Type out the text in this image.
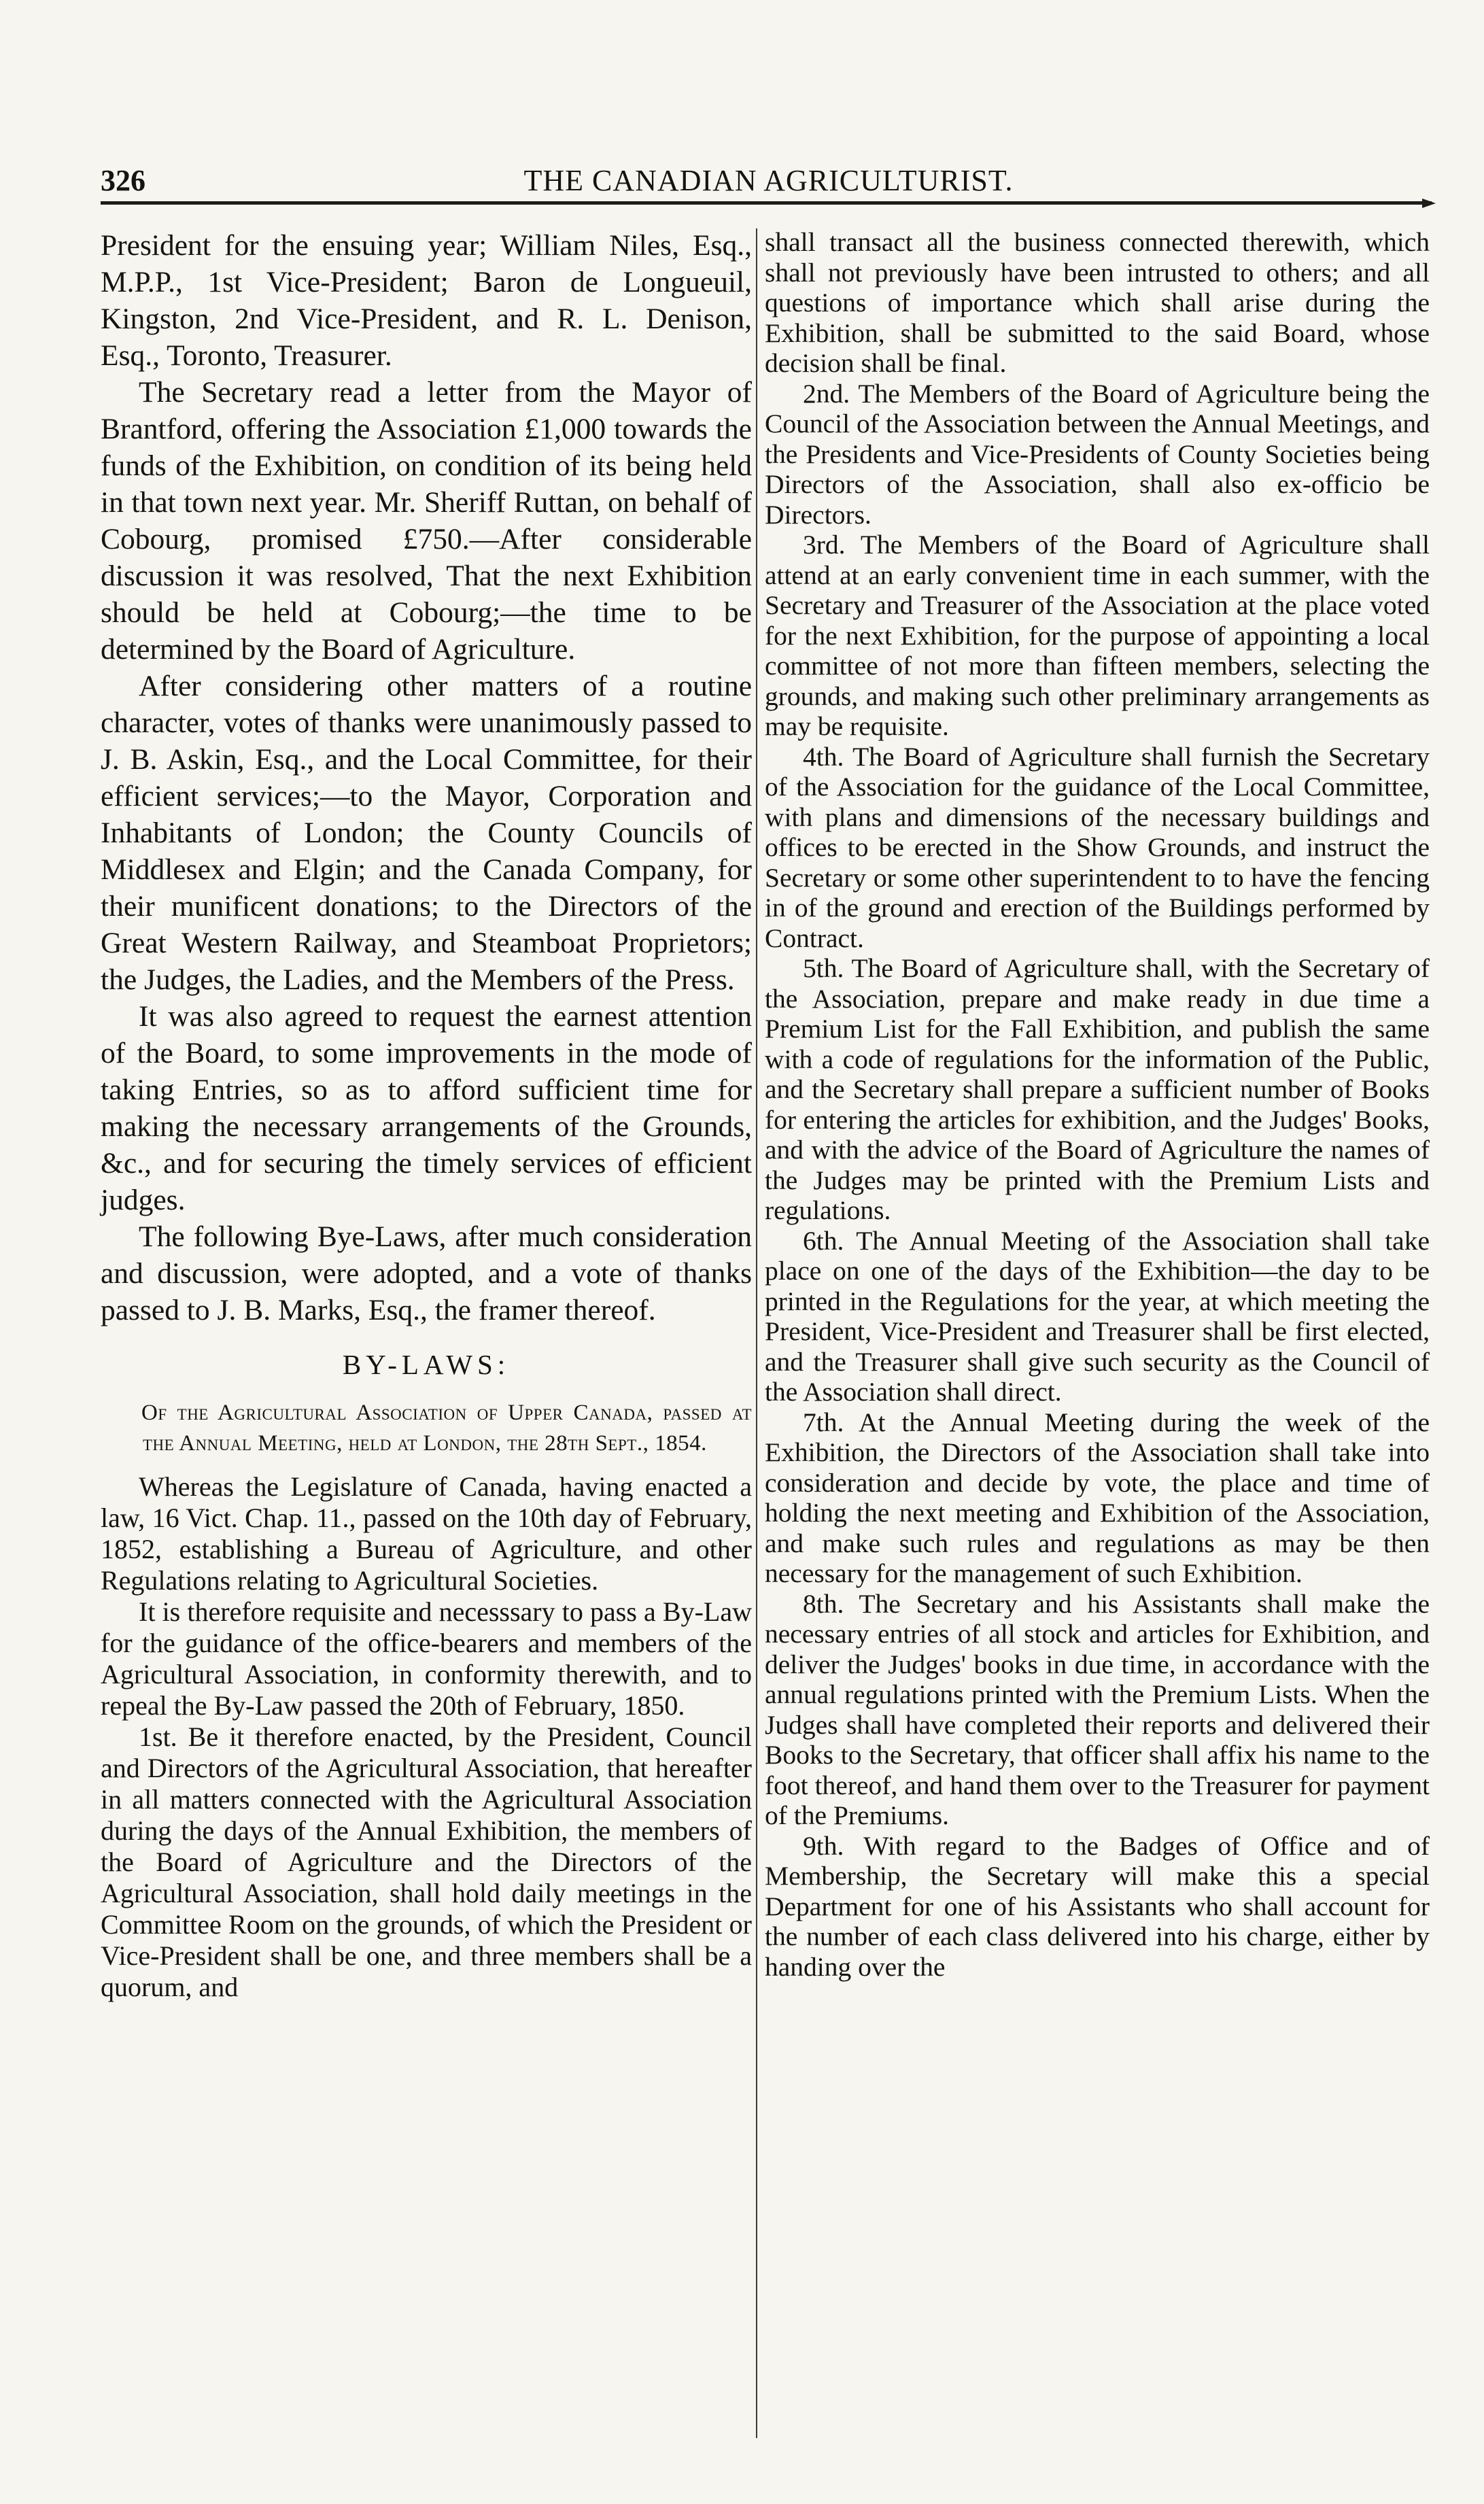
326	THE CANADIAN AGRICULTURIST.

President for the ensuing year; William Niles, Esq., M.P.P., 1st Vice-President; Baron de Longueuil, Kingston, 2nd Vice-President, and R. L. Denison, Esq., Toronto, Treasurer.

The Secretary read a letter from the Mayor of Brantford, offering the Association £1,000 towards the funds of the Exhibition, on condition of its being held in that town next year. Mr. Sheriff Ruttan, on behalf of Cobourg, promised £750.—After considerable discussion it was resolved, That the next Exhibition should be held at Cobourg;—the time to be determined by the Board of Agriculture.

After considering other matters of a routine character, votes of thanks were unanimously passed to J. B. Askin, Esq., and the Local Committee, for their efficient services;—to the Mayor, Corporation and Inhabitants of London; the County Councils of Middlesex and Elgin; and the Canada Company, for their munificent donations; to the Directors of the Great Western Railway, and Steamboat Proprietors; the Judges, the Ladies, and the Members of the Press.

It was also agreed to request the earnest attention of the Board, to some improvements in the mode of taking Entries, so as to afford sufficient time for making the necessary arrangements of the Grounds, &c., and for securing the timely services of efficient judges.

The following Bye-Laws, after much consideration and discussion, were adopted, and a vote of thanks passed to J. B. Marks, Esq., the framer thereof.

BY-LAWS:

Of the Agricultural Association of Upper Canada, passed at the Annual Meeting, held at London, the 28th Sept., 1854.

Whereas the Legislature of Canada, having enacted a law, 16 Vict. Chap. 11., passed on the 10th day of February, 1852, establishing a Bureau of Agriculture, and other Regulations relating to Agricultural Societies.

It is therefore requisite and necesssary to pass a By-Law for the guidance of the office-bearers and members of the Agricultural Association, in conformity therewith, and to repeal the By-Law passed the 20th of February, 1850.

1st. Be it therefore enacted, by the President, Council and Directors of the Agricultural Association, that hereafter in all matters connected with the Agricultural Association during the days of the Annual Exhibition, the members of the Board of Agriculture and the Directors of the Agricultural Association, shall hold daily meetings in the Committee Room on the grounds, of which the President or Vice-President shall be one, and three members shall be a quorum, and

shall transact all the business connected therewith, which shall not previously have been intrusted to others; and all questions of importance which shall arise during the Exhibition, shall be submitted to the said Board, whose decision shall be final.

2nd. The Members of the Board of Agriculture being the Council of the Association between the Annual Meetings, and the Presidents and Vice-Presidents of County Societies being Directors of the Association, shall also ex-officio be Directors.

3rd. The Members of the Board of Agriculture shall attend at an early convenient time in each summer, with the Secretary and Treasurer of the Association at the place voted for the next Exhibition, for the purpose of appointing a local committee of not more than fifteen members, selecting the grounds, and making such other preliminary arrangements as may be requisite.

4th. The Board of Agriculture shall furnish the Secretary of the Association for the guidance of the Local Committee, with plans and dimensions of the necessary buildings and offices to be erected in the Show Grounds, and instruct the Secretary or some other superintendent to to have the fencing in of the ground and erection of the Buildings performed by Contract.

5th. The Board of Agriculture shall, with the Secretary of the Association, prepare and make ready in due time a Premium List for the Fall Exhibition, and publish the same with a code of regulations for the information of the Public, and the Secretary shall prepare a sufficient number of Books for entering the articles for exhibition, and the Judges' Books, and with the advice of the Board of Agriculture the names of the Judges may be printed with the Premium Lists and regulations.

6th. The Annual Meeting of the Association shall take place on one of the days of the Exhibition—the day to be printed in the Regulations for the year, at which meeting the President, Vice-President and Treasurer shall be first elected, and the Treasurer shall give such security as the Council of the Association shall direct.

7th. At the Annual Meeting during the week of the Exhibition, the Directors of the Association shall take into consideration and decide by vote, the place and time of holding the next meeting and Exhibition of the Association, and make such rules and regulations as may be then necessary for the management of such Exhibition.

8th. The Secretary and his Assistants shall make the necessary entries of all stock and articles for Exhibition, and deliver the Judges' books in due time, in accordance with the annual regulations printed with the Premium Lists. When the Judges shall have completed their reports and delivered their Books to the Secretary, that officer shall affix his name to the foot thereof, and hand them over to the Treasurer for payment of the Premiums.

9th. With regard to the Badges of Office and of Membership, the Secretary will make this a special Department for one of his Assistants who shall account for the number of each class delivered into his charge, either by handing over the
